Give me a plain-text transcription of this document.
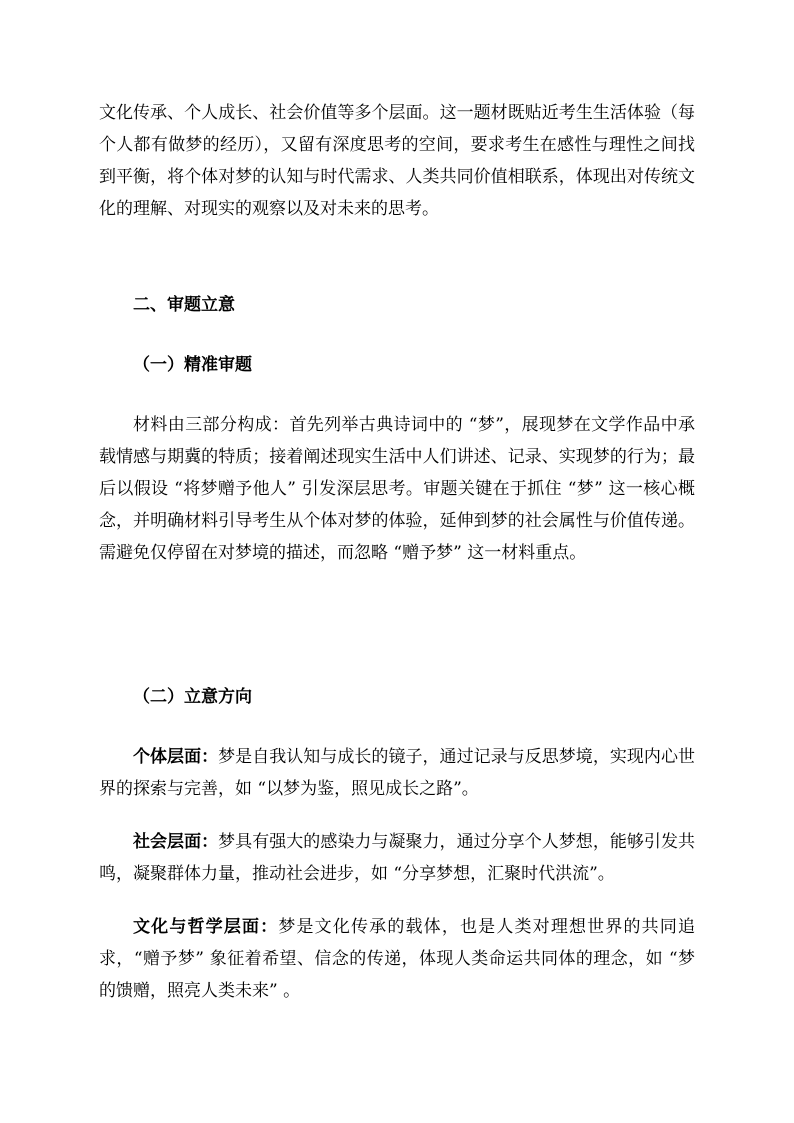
文化传承、个人成长、社会价值等多个层面。这一题材既贴近考生生活体验（每个人都有做梦的经历），又留有深度思考的空间，要求考生在感性与理性之间找到平衡，将个体对梦的认知与时代需求、人类共同价值相联系，体现出对传统文化的理解、对现实的观察以及对未来的思考。

二、审题立意
（一）精准审题

材料由三部分构成：首先列举古典诗词中的 “梦”，展现梦在文学作品中承载情感与期冀的特质；接着阐述现实生活中人们讲述、记录、实现梦的行为；最后以假设 “将梦赠予他人” 引发深层思考。审题关键在于抓住 “梦” 这一核心概念，并明确材料引导考生从个体对梦的体验，延伸到梦的社会属性与价值传递。需避免仅停留在对梦境的描述，而忽略 “赠予梦” 这一材料重点。

（二）立意方向

个体层面：梦是自我认知与成长的镜子，通过记录与反思梦境，实现内心世界的探索与完善，如 “以梦为鉴，照见成长之路”。

社会层面：梦具有强大的感染力与凝聚力，通过分享个人梦想，能够引发共鸣，凝聚群体力量，推动社会进步，如 “分享梦想，汇聚时代洪流”。

文化与哲学层面：梦是文化传承的载体，也是人类对理想世界的共同追求，“赠予梦” 象征着希望、信念的传递，体现人类命运共同体的理念，如 “梦的馈赠，照亮人类未来” 。
